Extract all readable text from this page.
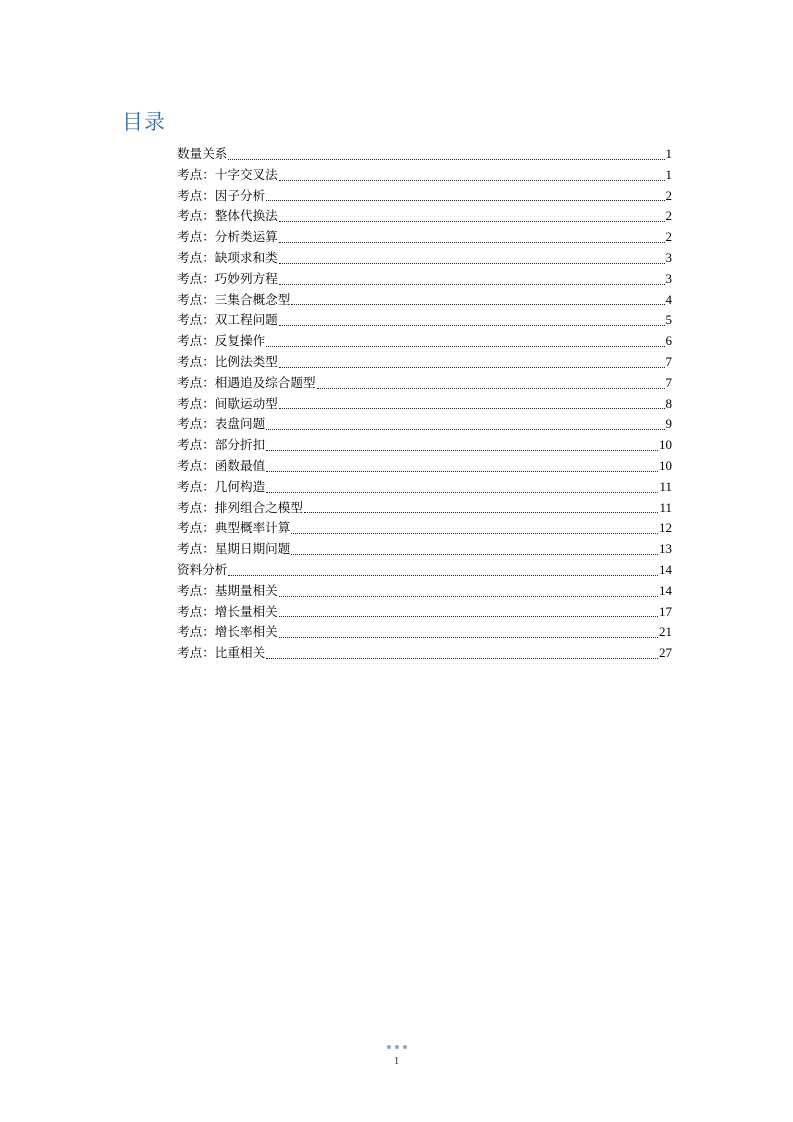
目录
数量关系	1
考点：十字交叉法	1
考点：因子分析	2
考点：整体代换法	2
考点：分析类运算	2
考点：缺项求和类	3
考点：巧妙列方程	3
考点：三集合概念型	4
考点：双工程问题	5
考点：反复操作	6
考点：比例法类型	7
考点：相遇追及综合题型	7
考点：间歇运动型	8
考点：表盘问题	9
考点：部分折扣	10
考点：函数最值	10
考点：几何构造	11
考点：排列组合之模型	11
考点：典型概率计算	12
考点：星期日期问题	13
资料分析	14
考点：基期量相关	14
考点：增长量相关	17
考点：增长率相关	21
考点：比重相关	27
1
